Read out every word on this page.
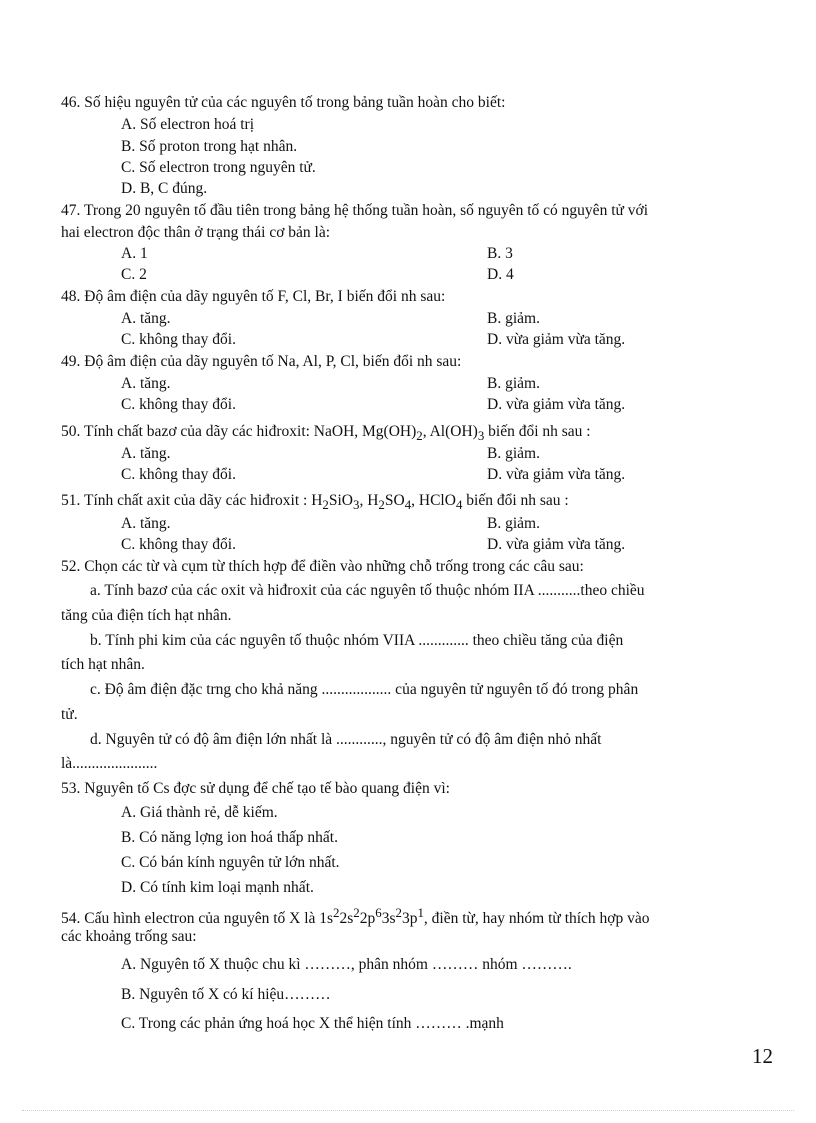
46. Số hiệu nguyên tử của các nguyên tố trong bảng tuần hoàn cho biết:
A. Số electron hoá trị
B. Số proton trong hạt nhân.
C. Số electron trong nguyên tử.
D. B, C đúng.
47. Trong 20 nguyên tố đầu tiên trong bảng hệ thống tuần hoàn, số nguyên tố có nguyên tử với
hai electron độc thân ở trạng thái cơ bản là:
A. 1	B. 3
C. 2	D. 4
48. Độ âm điện của dãy nguyên tố F, Cl, Br, I biến đổi nh sau:
A. tăng.	B. giảm.
C. không thay đổi.	D. vừa giảm vừa tăng.
49. Độ âm điện của dãy nguyên tố Na, Al, P, Cl, biến đổi nh sau:
A. tăng.	B. giảm.
C. không thay đổi.	D. vừa giảm vừa tăng.
50. Tính chất bazơ của dãy các hiđroxit: NaOH, $Mg(OH)_2$, $Al(OH)_3$ biến đổi nh sau :
A. tăng.	B. giảm.
C. không thay đổi.	D. vừa giảm vừa tăng.
51. Tính chất axit của dãy các hiđroxit : $H_2SiO_3$, $H_2SO_4$, HClO$_4$ biến đổi nh sau :
A. tăng.	B. giảm.
C. không thay đổi.	D. vừa giảm vừa tăng.
52. Chọn các từ và cụm từ thích hợp để điền vào những chỗ trống trong các câu sau:
a. Tính bazơ của các oxit và hiđroxit của các nguyên tố thuộc nhóm IIA ...........theo chiều
tăng của điện tích hạt nhân.
b. Tính phi kim của các nguyên tố thuộc nhóm VIIA ............. theo chiều tăng của điện
tích hạt nhân.
c. Độ âm điện đặc trng cho khả năng .................. của nguyên tử nguyên tố đó trong phân
tử.
d. Nguyên tử có độ âm điện lớn nhất là ............, nguyên tử có độ âm điện nhỏ nhất
là......................
53. Nguyên tố Cs đợc sử dụng để chế tạo tế bào quang điện vì:
A. Giá thành rẻ, dễ kiếm.
B. Có năng lợng ion hoá thấp nhất.
C. Có bán kính nguyên tử lớn nhất.
D. Có tính kim loại mạnh nhất.
54. Cấu hình electron của nguyên tố X là $1s^22s^22p^63s^23p^1$, điền từ, hay nhóm từ thích hợp vào
các khoảng trống sau:
A. Nguyên tố X thuộc chu kì ………, phân nhóm ……… nhóm ……….
B. Nguyên tố X có kí hiệu………
C. Trong các phản ứng hoá học X thể hiện tính ……… .mạnh
12
